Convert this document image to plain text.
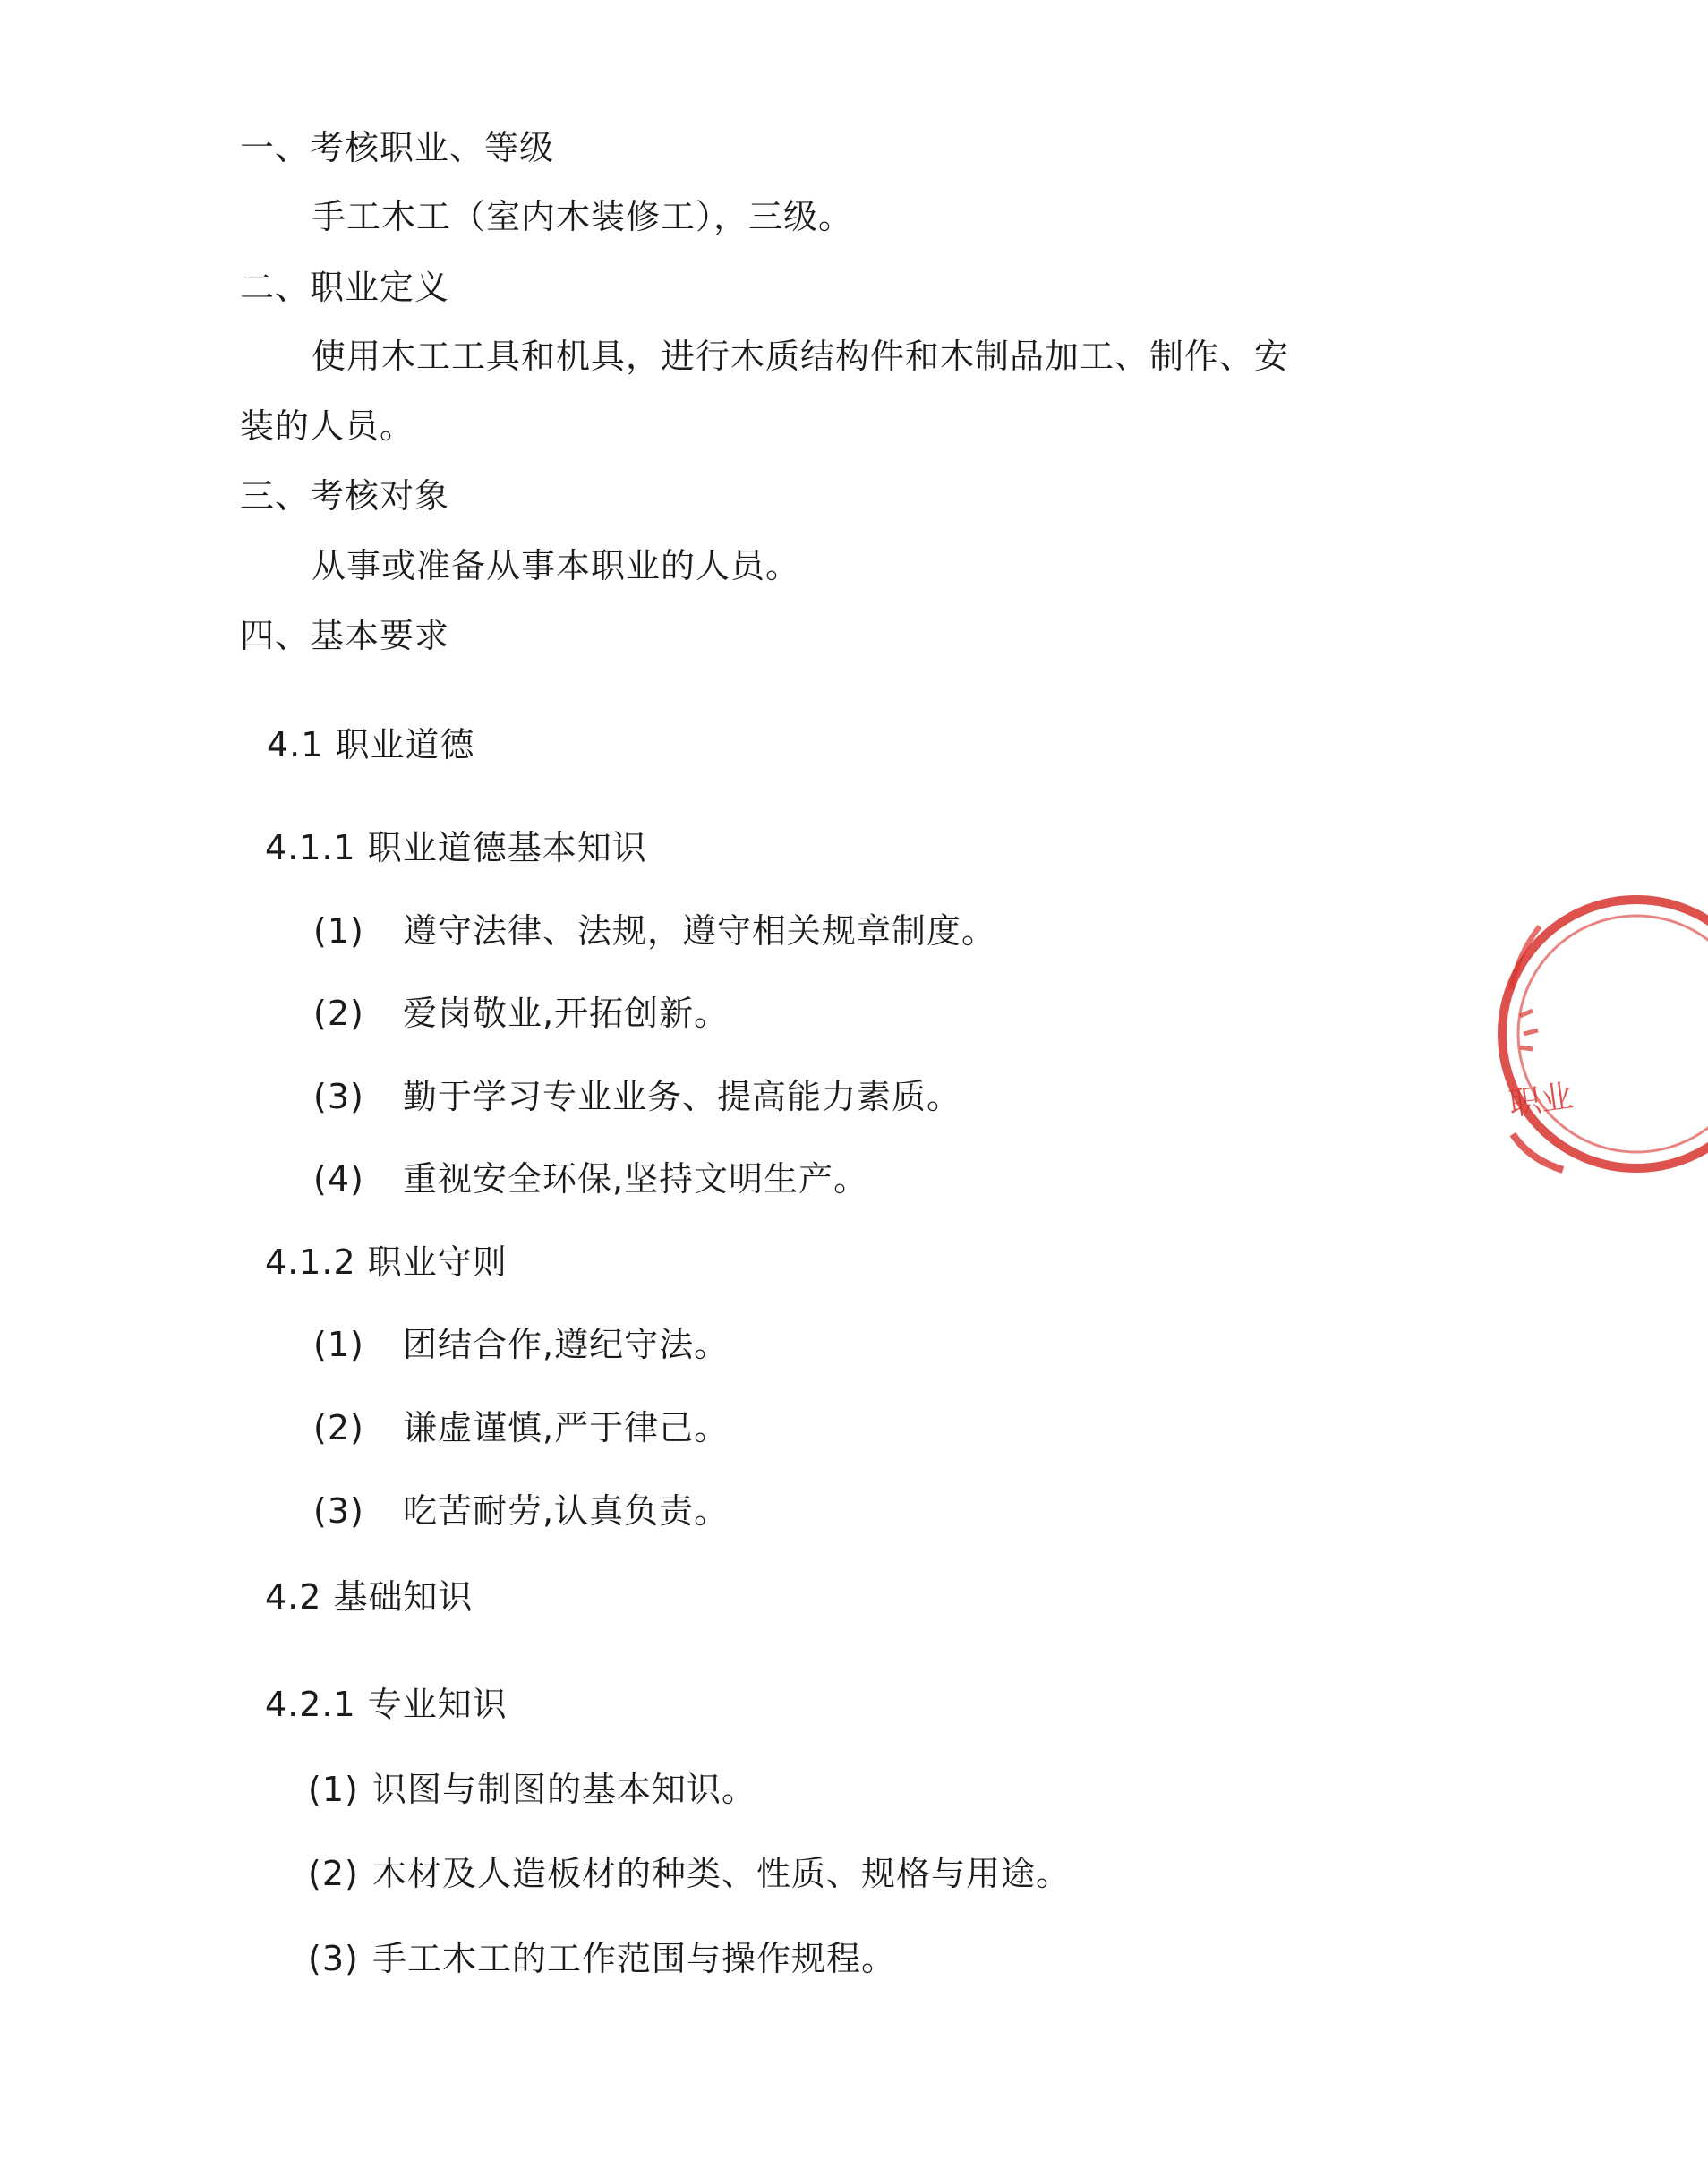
一、考核职业、等级
手工木工（室内木装修工），三级。
二、职业定义
使用木工工具和机具，进行木质结构件和木制品加工、制作、安
装的人员。
三、考核对象
从事或准备从事本职业的人员。
四、基本要求
4.1 职业道德
4.1.1 职业道德基本知识
(1) 遵守法律、法规，遵守相关规章制度。
(2) 爱岗敬业,开拓创新。
(3) 勤于学习专业业务、提高能力素质。
(4) 重视安全环保,坚持文明生产。
4.1.2 职业守则
(1) 团结合作,遵纪守法。
(2) 谦虚谨慎,严于律己。
(3) 吃苦耐劳,认真负责。
4.2 基础知识
4.2.1 专业知识
(1) 识图与制图的基本知识。
(2) 木材及人造板材的种类、性质、规格与用途。
(3) 手工木工的工作范围与操作规程。
职业
